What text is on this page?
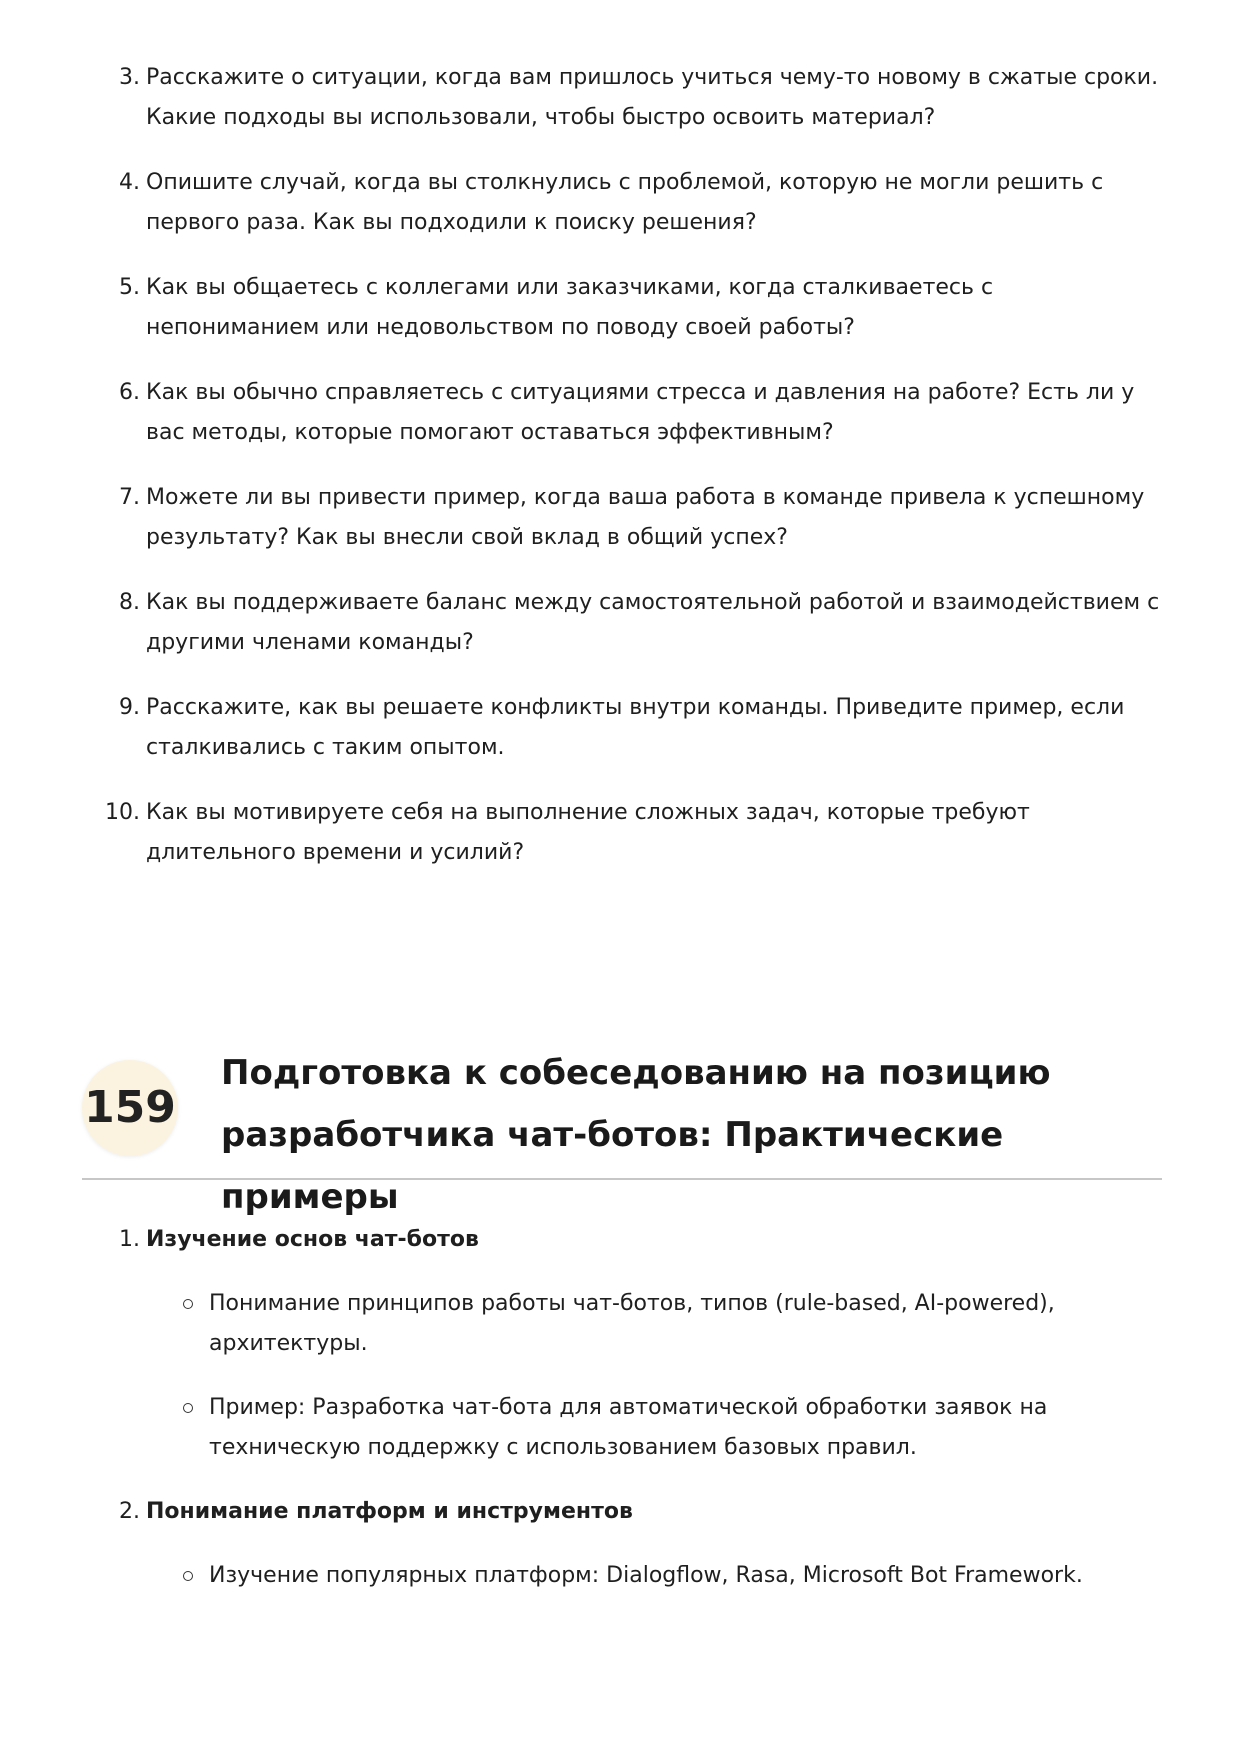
3. Расскажите о ситуации, когда вам пришлось учиться чему-то новому в сжатые сроки. Какие подходы вы использовали, чтобы быстро освоить материал?
4. Опишите случай, когда вы столкнулись с проблемой, которую не могли решить с первого раза. Как вы подходили к поиску решения?
5. Как вы общаетесь с коллегами или заказчиками, когда сталкиваетесь с непониманием или недовольством по поводу своей работы?
6. Как вы обычно справляетесь с ситуациями стресса и давления на работе? Есть ли у вас методы, которые помогают оставаться эффективным?
7. Можете ли вы привести пример, когда ваша работа в команде привела к успешному результату? Как вы внесли свой вклад в общий успех?
8. Как вы поддерживаете баланс между самостоятельной работой и взаимодействием с другими членами команды?
9. Расскажите, как вы решаете конфликты внутри команды. Приведите пример, если сталкивались с таким опытом.
10. Как вы мотивируете себя на выполнение сложных задач, которые требуют длительного времени и усилий?
159
Подготовка к собеседованию на позицию разработчика чат-ботов: Практические примеры
1. Изучение основ чат-ботов
Понимание принципов работы чат-ботов, типов (rule-based, AI-powered), архитектуры.
Пример: Разработка чат-бота для автоматической обработки заявок на техническую поддержку с использованием базовых правил.
2. Понимание платформ и инструментов
Изучение популярных платформ: Dialogflow, Rasa, Microsoft Bot Framework.
